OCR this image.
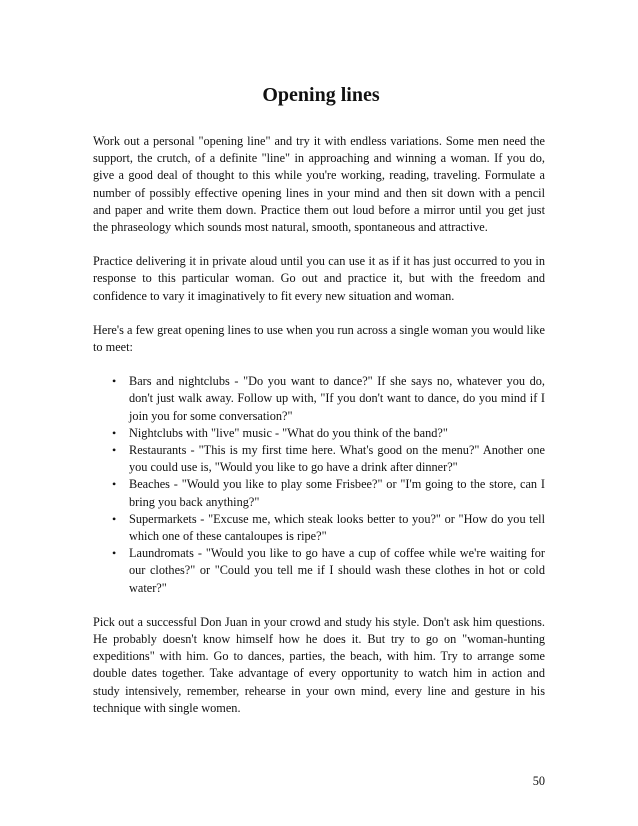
Opening lines

Work out a personal "opening line" and try it with endless variations. Some men need the support, the crutch, of a definite "line" in approaching and winning a woman. If you do, give a good deal of thought to this while you're working, reading, traveling. Formulate a number of possibly effective opening lines in your mind and then sit down with a pencil and paper and write them down. Practice them out loud before a mirror until you get just the phraseology which sounds most natural, smooth, spontaneous and attractive.

Practice delivering it in private aloud until you can use it as if it has just occurred to you in response to this particular woman. Go out and practice it, but with the freedom and confidence to vary it imaginatively to fit every new situation and woman.

Here's a few great opening lines to use when you run across a single woman you would like to meet:

• Bars and nightclubs - "Do you want to dance?" If she says no, whatever you do, don't just walk away. Follow up with, "If you don't want to dance, do you mind if I join you for some conversation?"
• Nightclubs with "live" music - "What do you think of the band?"
• Restaurants - "This is my first time here. What's good on the menu?" Another one you could use is, "Would you like to go have a drink after dinner?"
• Beaches - "Would you like to play some Frisbee?" or "I'm going to the store, can I bring you back anything?"
• Supermarkets - "Excuse me, which steak looks better to you?" or "How do you tell which one of these cantaloupes is ripe?"
• Laundromats - "Would you like to go have a cup of coffee while we're waiting for our clothes?" or "Could you tell me if I should wash these clothes in hot or cold water?"

Pick out a successful Don Juan in your crowd and study his style. Don't ask him questions. He probably doesn't know himself how he does it. But try to go on "woman-hunting expeditions" with him. Go to dances, parties, the beach, with him. Try to arrange some double dates together. Take advantage of every opportunity to watch him in action and study intensively, remember, rehearse in your own mind, every line and gesture in his technique with single women.

50
